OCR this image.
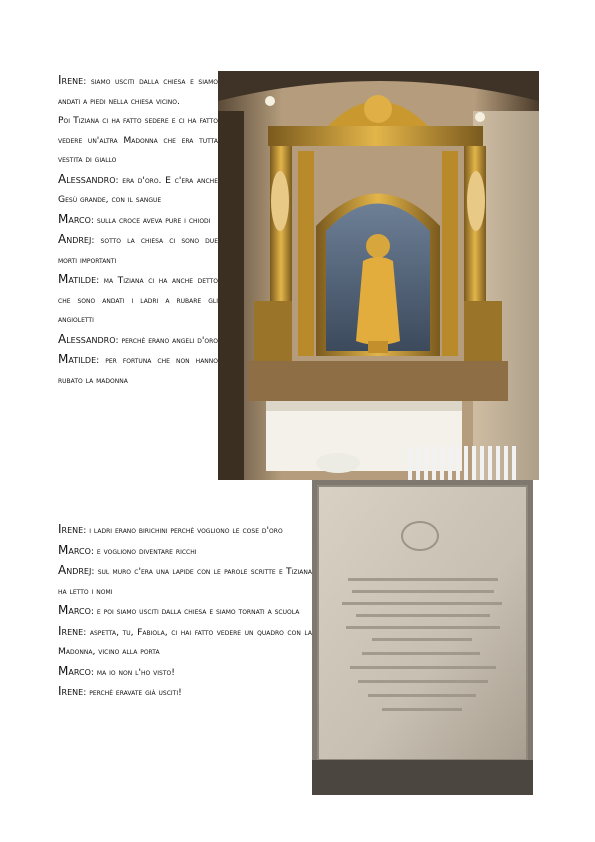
Irene: siamo usciti dalla chiesa e siamo andati a piedi nella chiesa vicino.

Poi Tiziana ci ha fatto sedere e ci ha fatto vedere un'altra Madonna che era tutta vestita di giallo

Alessandro: era d'oro. E c'era anche Gesù grande, con il sangue

Marco: sulla croce aveva pure i chiodi

Andrej: sotto la chiesa ci sono due morti importanti

Matilde: ma Tiziana ci ha anche detto che sono andati i ladri a rubare gli angioletti

Alessandro: perchè erano angeli d'oro

Matilde: per fortuna che non hanno rubato la madonna

Irene: i ladri erano birichini perchè vogliono le cose d'oro

Marco: e vogliono diventare ricchi

Andrej: sul muro c'era una lapide con le parole scritte e Tiziana ha letto i nomi

Marco: e poi siamo usciti dalla chiesa e siamo tornati a scuola

Irene: aspetta, tu, Fabiola, ci hai fatto vedere un quadro con la Madonna, vicino alla porta

Marco: ma io non l'ho visto!

Irene: perchè eravate già usciti!
